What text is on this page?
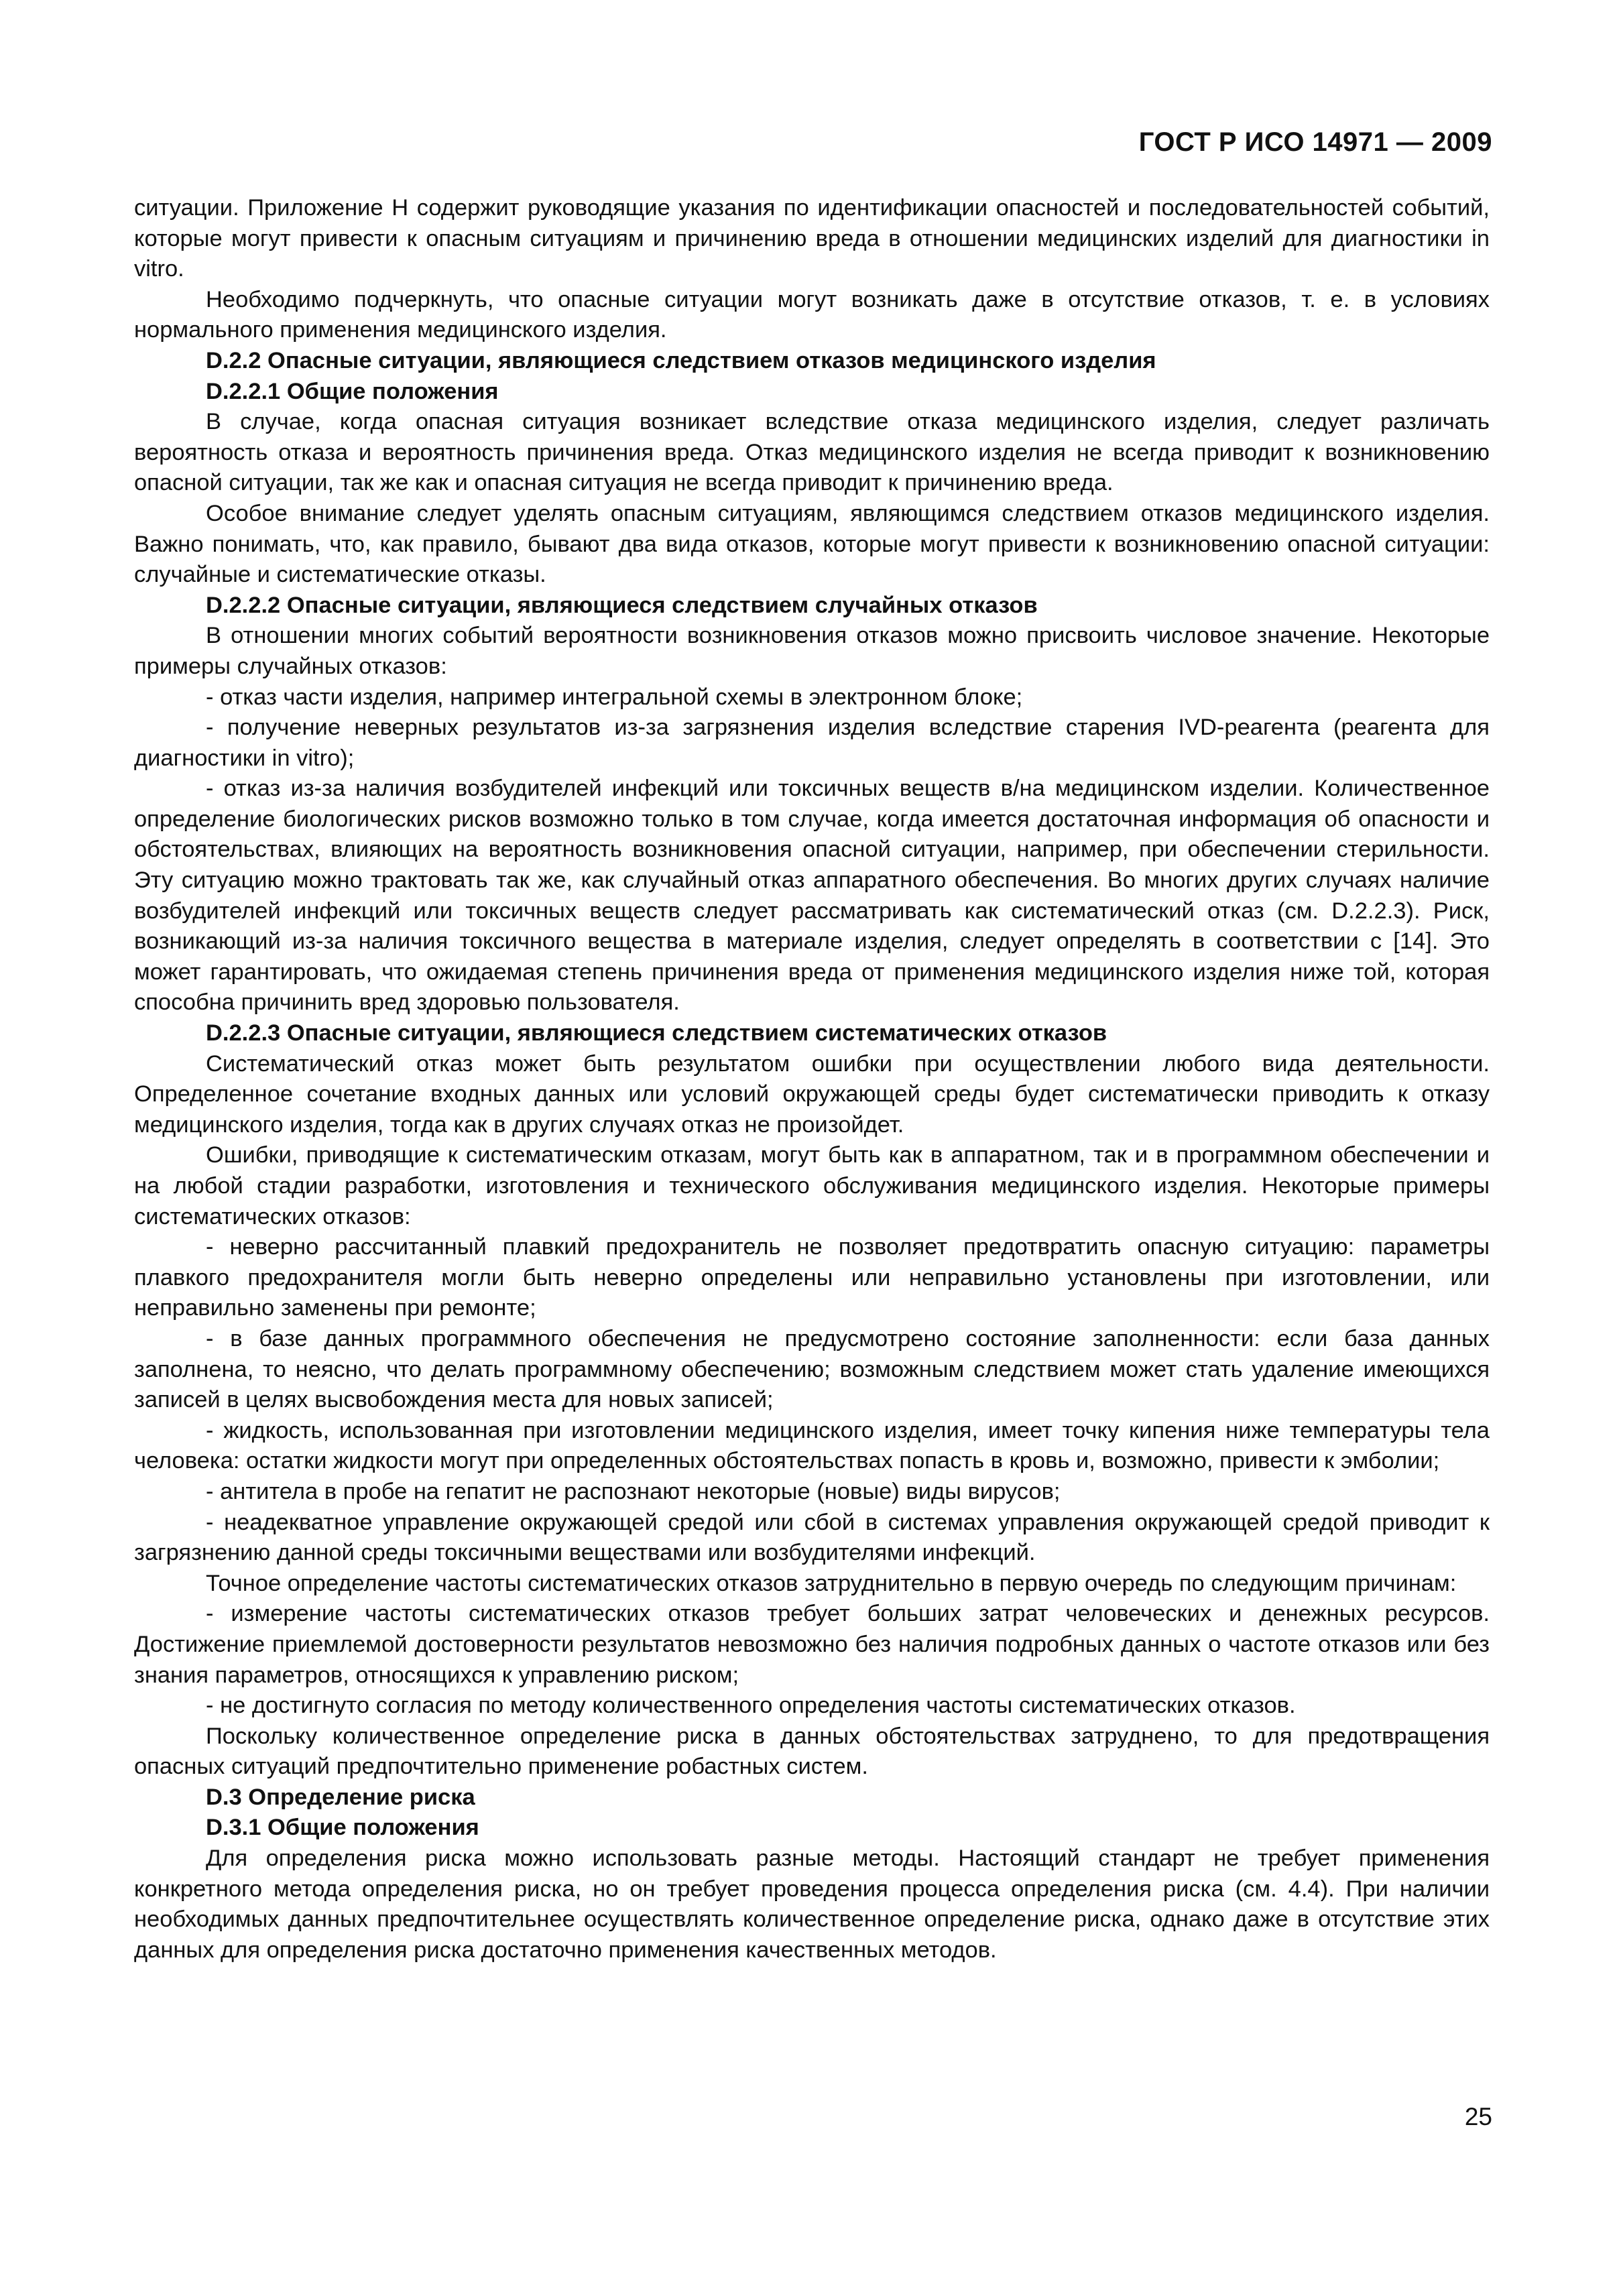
ГОСТ Р ИСО 14971 — 2009

ситуации. Приложение H содержит руководящие указания по идентификации опасностей и последовательностей событий, которые могут привести к опасным ситуациям и причинению вреда в отношении медицинских изделий для диагностики in vitro.

Необходимо подчеркнуть, что опасные ситуации могут возникать даже в отсутствие отказов, т. е. в условиях нормального применения медицинского изделия.

D.2.2 Опасные ситуации, являющиеся следствием отказов медицинского изделия
D.2.2.1 Общие положения

В случае, когда опасная ситуация возникает вследствие отказа медицинского изделия, следует различать вероятность отказа и вероятность причинения вреда. Отказ медицинского изделия не всегда приводит к возникновению опасной ситуации, так же как и опасная ситуация не всегда приводит к причинению вреда.

Особое внимание следует уделять опасным ситуациям, являющимся следствием отказов медицинского изделия. Важно понимать, что, как правило, бывают два вида отказов, которые могут привести к возникновению опасной ситуации: случайные и систематические отказы.

D.2.2.2 Опасные ситуации, являющиеся следствием случайных отказов

В отношении многих событий вероятности возникновения отказов можно присвоить числовое значение. Некоторые примеры случайных отказов:

- отказ части изделия, например интегральной схемы в электронном блоке;

- получение неверных результатов из-за загрязнения изделия вследствие старения IVD-реагента (реагента для диагностики in vitro);

- отказ из-за наличия возбудителей инфекций или токсичных веществ в/на медицинском изделии. Количественное определение биологических рисков возможно только в том случае, когда имеется достаточная информация об опасности и обстоятельствах, влияющих на вероятность возникновения опасной ситуации, например, при обеспечении стерильности. Эту ситуацию можно трактовать так же, как случайный отказ аппаратного обеспечения. Во многих других случаях наличие возбудителей инфекций или токсичных веществ следует рассматривать как систематический отказ (см. D.2.2.3). Риск, возникающий из-за наличия токсичного вещества в материале изделия, следует определять в соответствии с [14]. Это может гарантировать, что ожидаемая степень причинения вреда от применения медицинского изделия ниже той, которая способна причинить вред здоровью пользователя.

D.2.2.3 Опасные ситуации, являющиеся следствием систематических отказов

Систематический отказ может быть результатом ошибки при осуществлении любого вида деятельности. Определенное сочетание входных данных или условий окружающей среды будет систематически приводить к отказу медицинского изделия, тогда как в других случаях отказ не произойдет.

Ошибки, приводящие к систематическим отказам, могут быть как в аппаратном, так и в программном обеспечении и на любой стадии разработки, изготовления и технического обслуживания медицинского изделия. Некоторые примеры систематических отказов:

- неверно рассчитанный плавкий предохранитель не позволяет предотвратить опасную ситуацию: параметры плавкого предохранителя могли быть неверно определены или неправильно установлены при изготовлении, или неправильно заменены при ремонте;

- в базе данных программного обеспечения не предусмотрено состояние заполненности: если база данных заполнена, то неясно, что делать программному обеспечению; возможным следствием может стать удаление имеющихся записей в целях высвобождения места для новых записей;

- жидкость, использованная при изготовлении медицинского изделия, имеет точку кипения ниже температуры тела человека: остатки жидкости могут при определенных обстоятельствах попасть в кровь и, возможно, привести к эмболии;

- антитела в пробе на гепатит не распознают некоторые (новые) виды вирусов;

- неадекватное управление окружающей средой или сбой в системах управления окружающей средой приводит к загрязнению данной среды токсичными веществами или возбудителями инфекций.

Точное определение частоты систематических отказов затруднительно в первую очередь по следующим причинам:

- измерение частоты систематических отказов требует больших затрат человеческих и денежных ресурсов. Достижение приемлемой достоверности результатов невозможно без наличия подробных данных о частоте отказов или без знания параметров, относящихся к управлению риском;

- не достигнуто согласия по методу количественного определения частоты систематических отказов.

Поскольку количественное определение риска в данных обстоятельствах затруднено, то для предотвращения опасных ситуаций предпочтительно применение робастных систем.

D.3 Определение риска
D.3.1 Общие положения

Для определения риска можно использовать разные методы. Настоящий стандарт не требует применения конкретного метода определения риска, но он требует проведения процесса определения риска (см. 4.4). При наличии необходимых данных предпочтительнее осуществлять количественное определение риска, однако даже в отсутствие этих данных для определения риска достаточно применения качественных методов.

25
